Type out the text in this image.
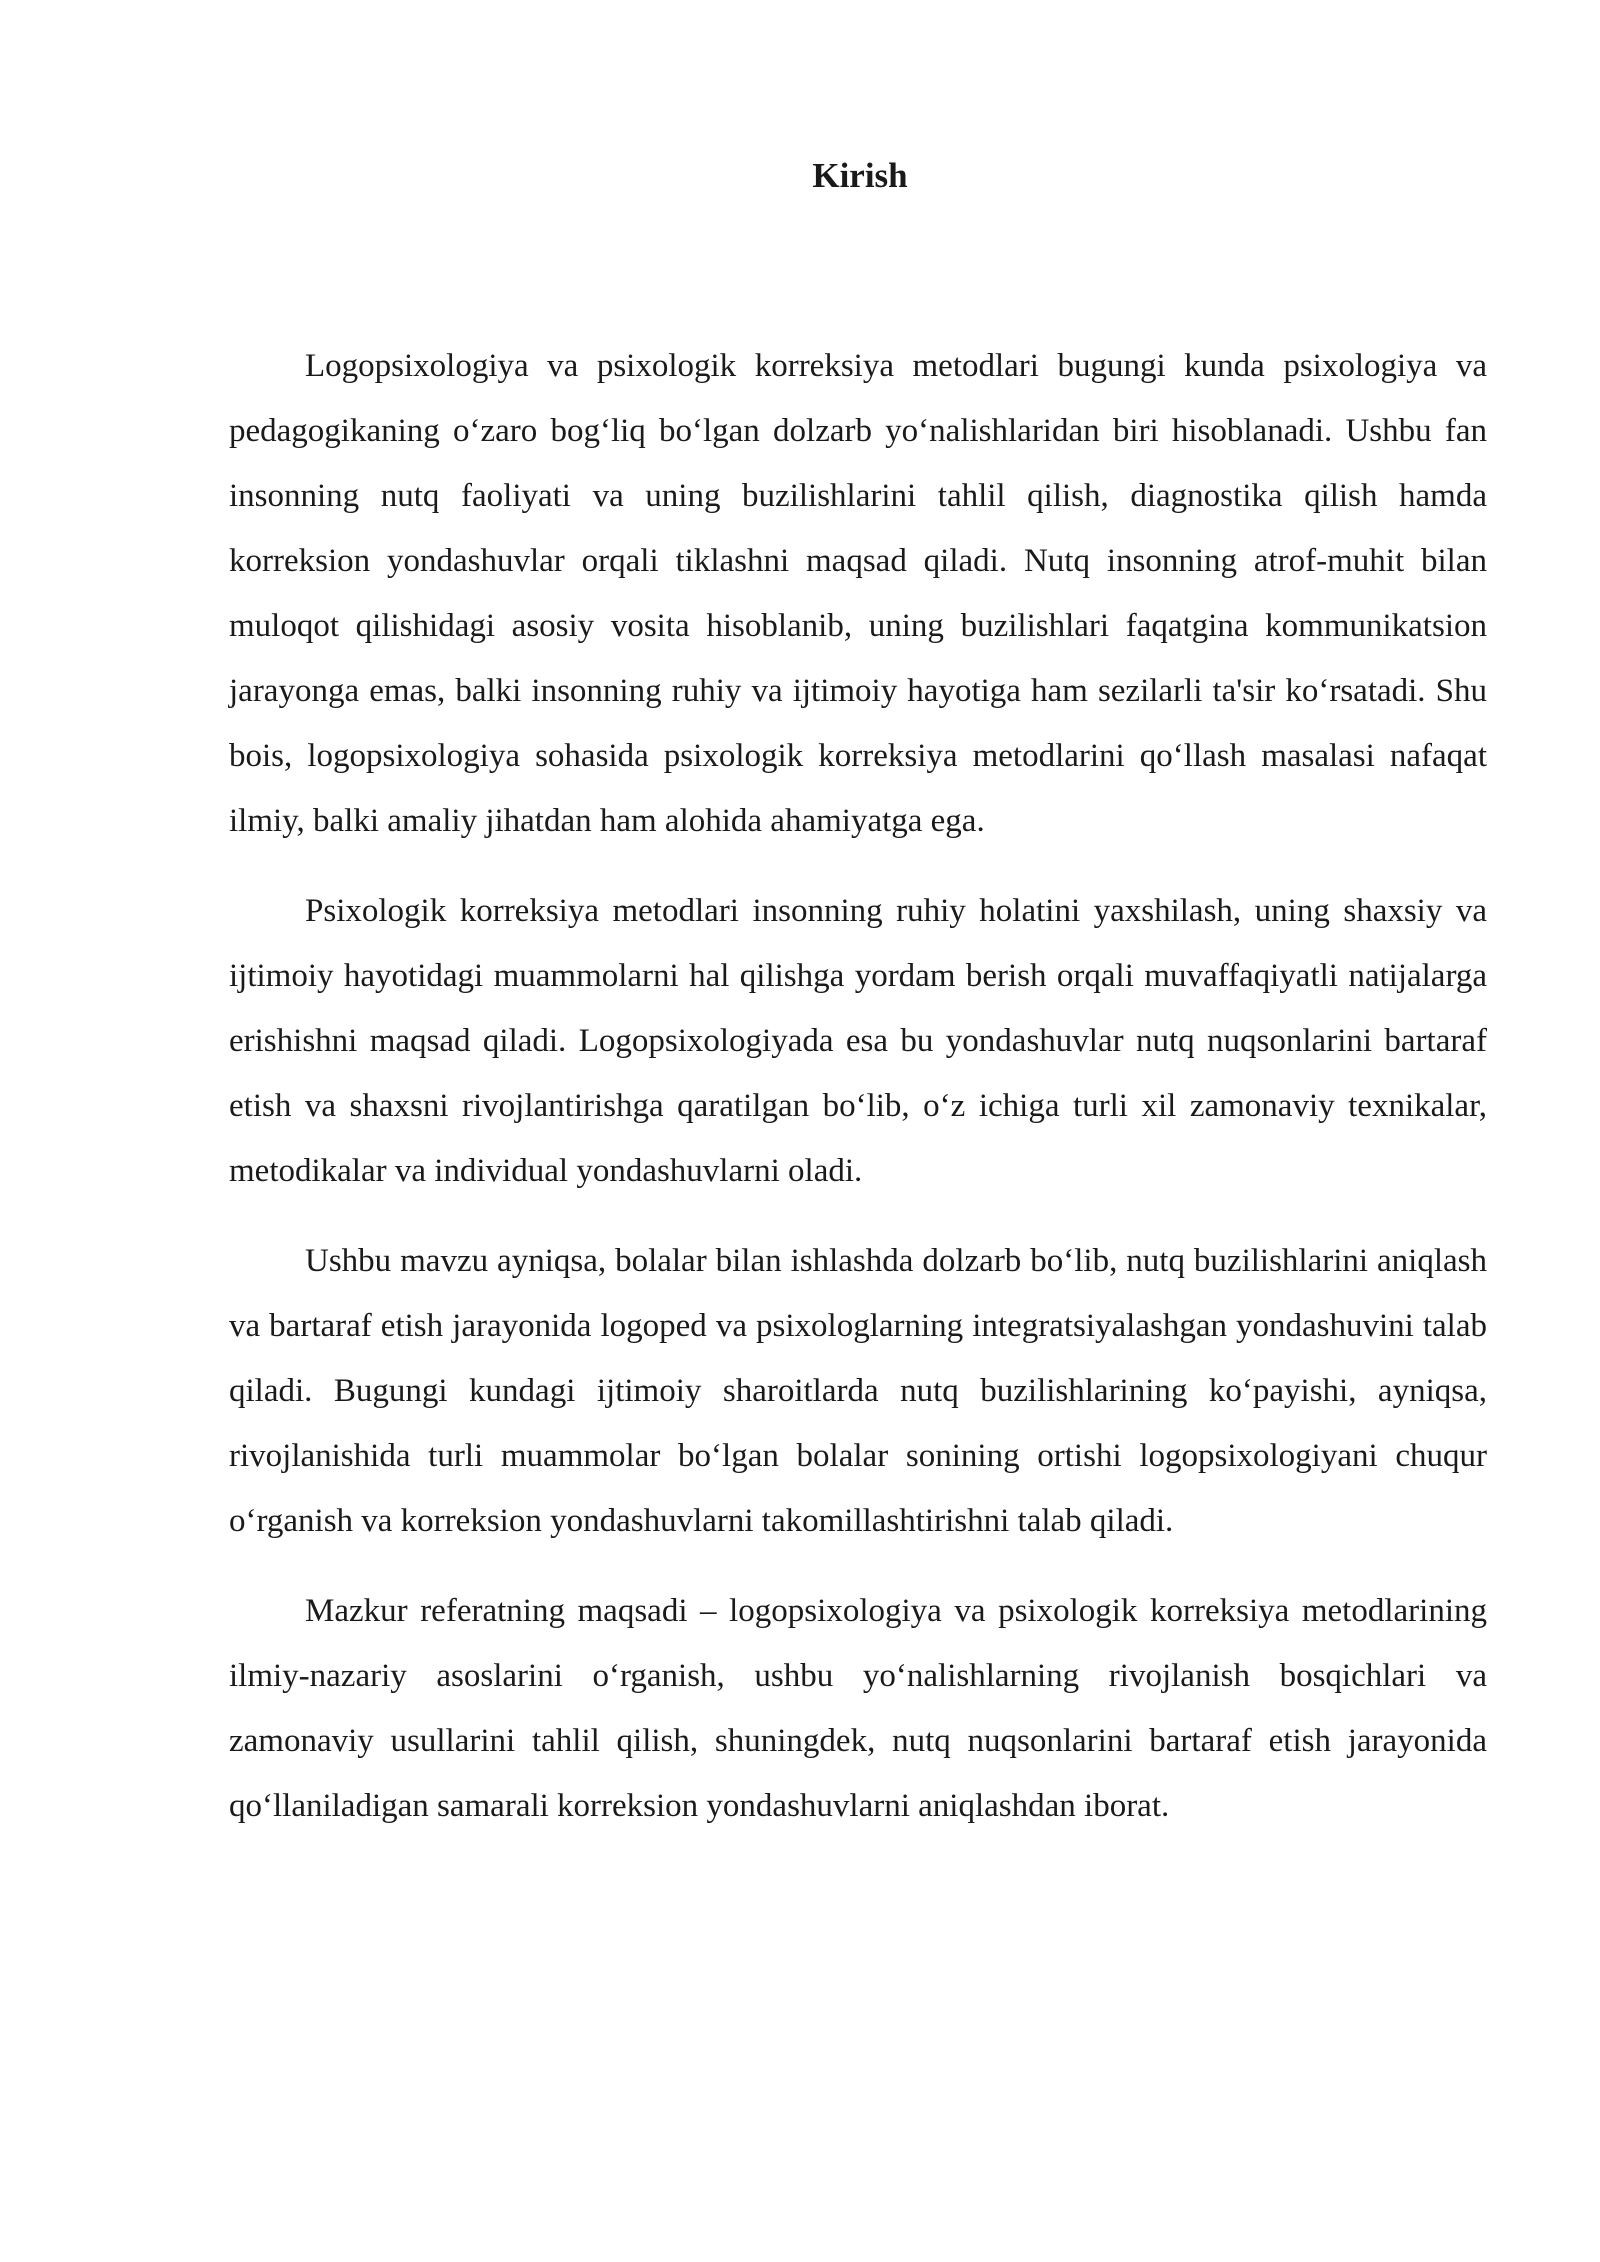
Kirish

Logopsixologiya va psixologik korreksiya metodlari bugungi kunda psixologiya va pedagogikaning o‘zaro bog‘liq bo‘lgan dolzarb yo‘nalishlaridan biri hisoblanadi. Ushbu fan insonning nutq faoliyati va uning buzilishlarini tahlil qilish, diagnostika qilish hamda korreksion yondashuvlar orqali tiklashni maqsad qiladi. Nutq insonning atrof-muhit bilan muloqot qilishidagi asosiy vosita hisoblanib, uning buzilishlari faqatgina kommunikatsion jarayonga emas, balki insonning ruhiy va ijtimoiy hayotiga ham sezilarli ta'sir ko‘rsatadi. Shu bois, logopsixologiya sohasida psixologik korreksiya metodlarini qo‘llash masalasi nafaqat ilmiy, balki amaliy jihatdan ham alohida ahamiyatga ega.

Psixologik korreksiya metodlari insonning ruhiy holatini yaxshilash, uning shaxsiy va ijtimoiy hayotidagi muammolarni hal qilishga yordam berish orqali muvaffaqiyatli natijalarga erishishni maqsad qiladi. Logopsixologiyada esa bu yondashuvlar nutq nuqsonlarini bartaraf etish va shaxsni rivojlantirishga qaratilgan bo‘lib, o‘z ichiga turli xil zamonaviy texnikalar, metodikalar va individual yondashuvlarni oladi.

Ushbu mavzu ayniqsa, bolalar bilan ishlashda dolzarb bo‘lib, nutq buzilishlarini aniqlash va bartaraf etish jarayonida logoped va psixologlarning integratsiyalashgan yondashuvini talab qiladi. Bugungi kundagi ijtimoiy sharoitlarda nutq buzilishlarining ko‘payishi, ayniqsa, rivojlanishida turli muammolar bo‘lgan bolalar sonining ortishi logopsixologiyani chuqur o‘rganish va korreksion yondashuvlarni takomillashtirishni talab qiladi.

Mazkur referatning maqsadi – logopsixologiya va psixologik korreksiya metodlarining ilmiy-nazariy asoslarini o‘rganish, ushbu yo‘nalishlarning rivojlanish bosqichlari va zamonaviy usullarini tahlil qilish, shuningdek, nutq nuqsonlarini bartaraf etish jarayonida qo‘llaniladigan samarali korreksion yondashuvlarni aniqlashdan iborat.
